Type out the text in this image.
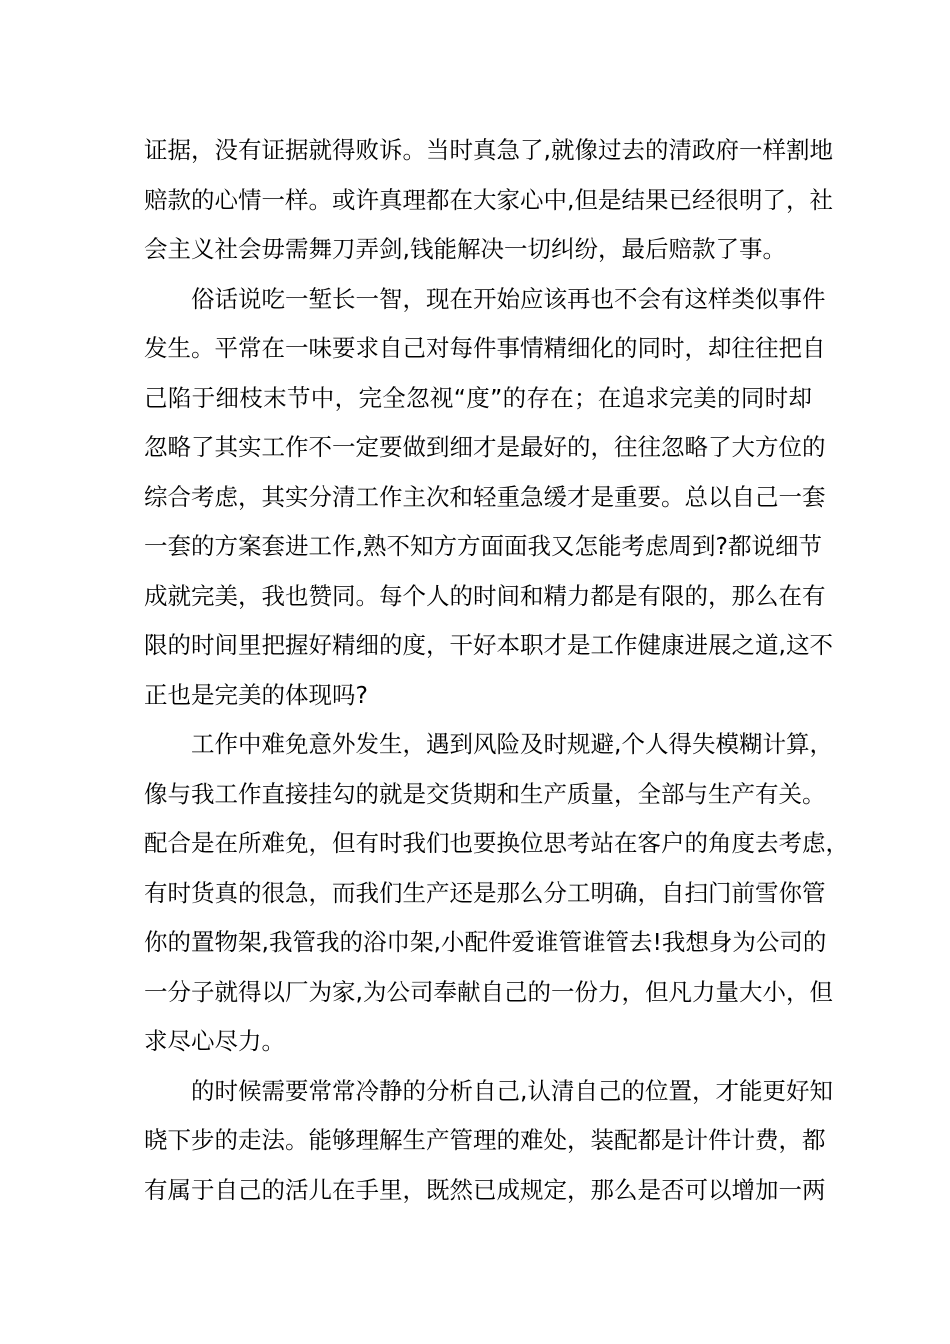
证据，没有证据就得败诉。当时真急了,就像过去的清政府一样割地
赔款的心情一样。或许真理都在大家心中,但是结果已经很明了，社
会主义社会毋需舞刀弄剑,钱能解决一切纠纷，最后赔款了事。
俗话说吃一堑长一智，现在开始应该再也不会有这样类似事件
发生。平常在一味要求自己对每件事情精细化的同时，却往往把自
己陷于细枝末节中，完全忽视“度”的存在；在追求完美的同时却
忽略了其实工作不一定要做到细才是最好的，往往忽略了大方位的
综合考虑，其实分清工作主次和轻重急缓才是重要。总以自己一套
一套的方案套进工作,熟不知方方面面我又怎能考虑周到?都说细节
成就完美，我也赞同。每个人的时间和精力都是有限的，那么在有
限的时间里把握好精细的度，干好本职才是工作健康进展之道,这不
正也是完美的体现吗?
工作中难免意外发生，遇到风险及时规避,个人得失模糊计算，
像与我工作直接挂勾的就是交货期和生产质量，全部与生产有关。
配合是在所难免，但有时我们也要换位思考站在客户的角度去考虑，
有时货真的很急，而我们生产还是那么分工明确，自扫门前雪你管
你的置物架,我管我的浴巾架,小配件爱谁管谁管去!我想身为公司的
一分子就得以厂为家,为公司奉献自己的一份力，但凡力量大小，但
求尽心尽力。
的时候需要常常冷静的分析自己,认清自己的位置，才能更好知
晓下步的走法。能够理解生产管理的难处，装配都是计件计费，都
有属于自己的活儿在手里，既然已成规定，那么是否可以增加一两
